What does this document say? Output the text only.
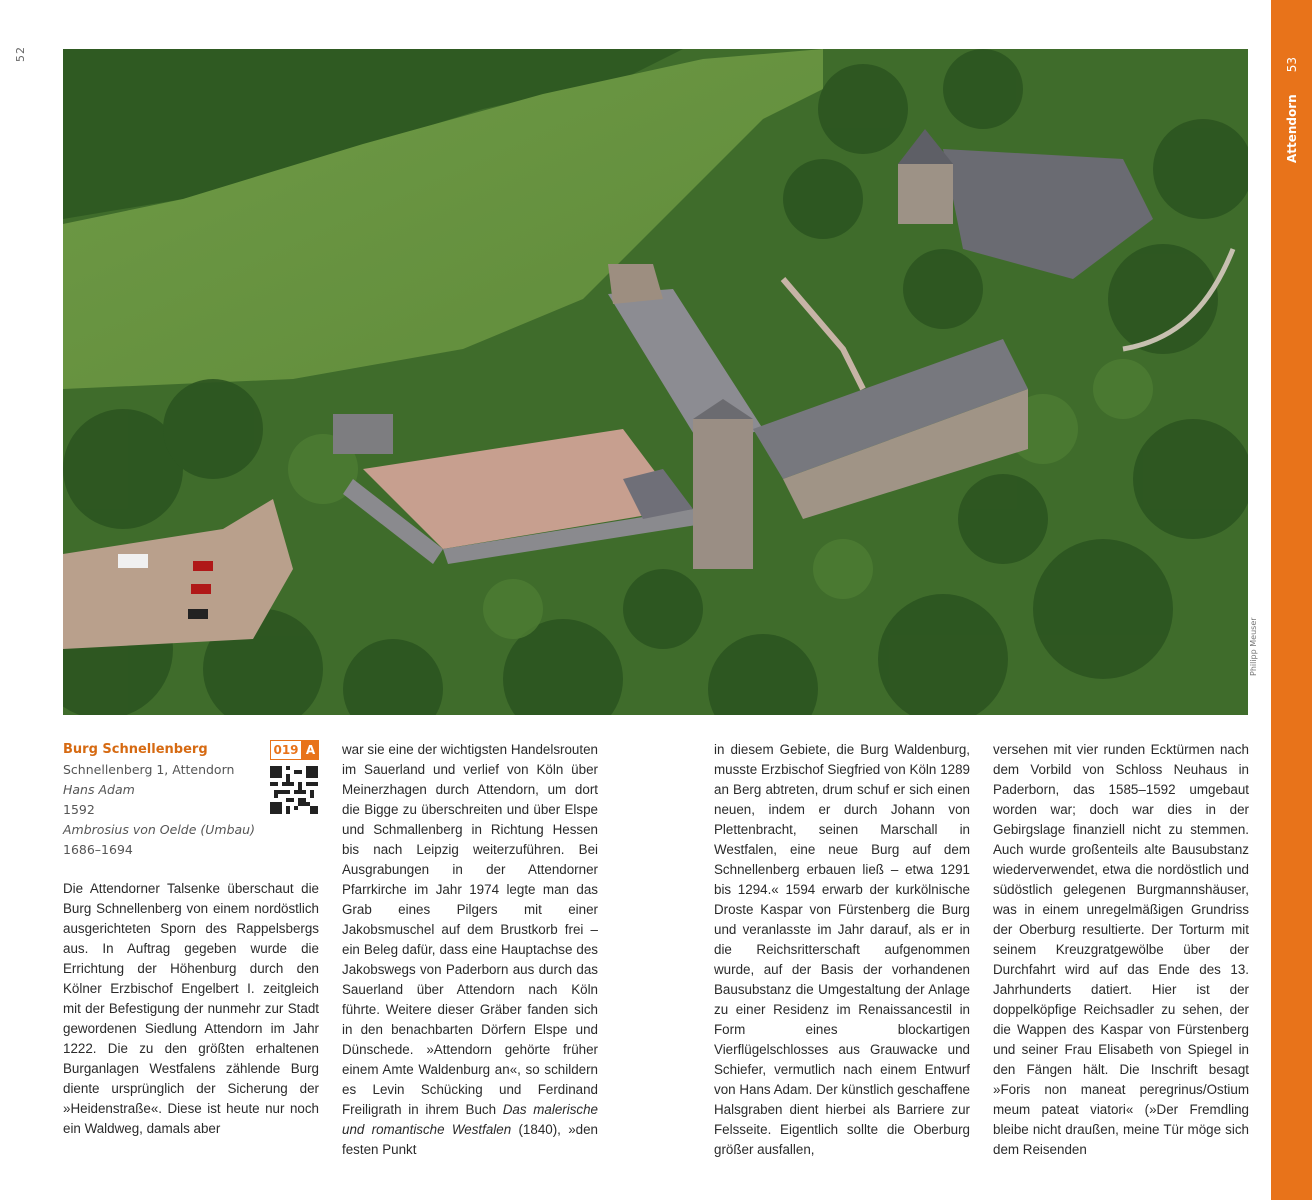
52
Attendorn53
Philipp Meuser
Burg Schnellenberg
Schnellenberg 1, Attendorn
Hans Adam
1592
Ambrosius von Oelde (Umbau)
1686–1694
019 A

Die Attendorner Talsenke überschaut die Burg Schnellenberg von einem nordöstlich ausgerichteten Sporn des Rappelsbergs aus. In Auftrag gegeben wurde die Errichtung der Höhenburg durch den Kölner Erzbischof Engelbert I. zeitgleich mit der Befestigung der nunmehr zur Stadt gewordenen Siedlung Attendorn im Jahr 1222. Die zu den größten erhaltenen Burganlagen Westfalens zählende Burg diente ursprünglich der Sicherung der »Heidenstraße«. Diese ist heute nur noch ein Waldweg, damals aber

war sie eine der wichtigsten Handelsrouten im Sauerland und verlief von Köln über Meinerzhagen durch Attendorn, um dort die Bigge zu überschreiten und über Elspe und Schmallenberg in Richtung Hessen bis nach Leipzig weiterzuführen. Bei Ausgrabungen in der Attendorner Pfarrkirche im Jahr 1974 legte man das Grab eines Pilgers mit einer Jakobsmuschel auf dem Brustkorb frei – ein Beleg dafür, dass eine Hauptachse des Jakobswegs von Paderborn aus durch das Sauerland über Attendorn nach Köln führte. Weitere dieser Gräber fanden sich in den benachbarten Dörfern Elspe und Dünschede. »Attendorn gehörte früher einem Amte Waldenburg an«, so schildern es Levin Schücking und Ferdinand Freiligrath in ihrem Buch Das malerische und romantische Westfalen (1840), »den festen Punkt

in diesem Gebiete, die Burg Waldenburg, musste Erzbischof Siegfried von Köln 1289 an Berg abtreten, drum schuf er sich einen neuen, indem er durch Johann von Plettenbracht, seinen Marschall in Westfalen, eine neue Burg auf dem Schnellenberg erbauen ließ – etwa 1291 bis 1294.« 1594 erwarb der kurkölnische Droste Kaspar von Fürstenberg die Burg und veranlasste im Jahr darauf, als er in die Reichsritterschaft aufgenommen wurde, auf der Basis der vorhandenen Bausubstanz die Umgestaltung der Anlage zu einer Residenz im Renaissancestil in Form eines blockartigen Vierflügelschlosses aus Grauwacke und Schiefer, vermutlich nach einem Entwurf von Hans Adam. Der künstlich geschaffene Halsgraben dient hierbei als Barriere zur Felsseite. Eigentlich sollte die Oberburg größer ausfallen,

versehen mit vier runden Ecktürmen nach dem Vorbild von Schloss Neuhaus in Paderborn, das 1585–1592 umgebaut worden war; doch war dies in der Gebirgslage finanziell nicht zu stemmen. Auch wurde großenteils alte Bausubstanz wiederverwendet, etwa die nordöstlich und südöstlich gelegenen Burgmannshäuser, was in einem unregelmäßigen Grundriss der Oberburg resultierte. Der Torturm mit seinem Kreuzgratgewölbe über der Durchfahrt wird auf das Ende des 13. Jahrhunderts datiert. Hier ist der doppelköpfige Reichsadler zu sehen, der die Wappen des Kaspar von Fürstenberg und seiner Frau Elisabeth von Spiegel in den Fängen hält. Die Inschrift besagt »Foris non maneat peregrinus/Ostium meum pateat viatori« (»Der Fremdling bleibe nicht draußen, meine Tür möge sich dem Reisenden
